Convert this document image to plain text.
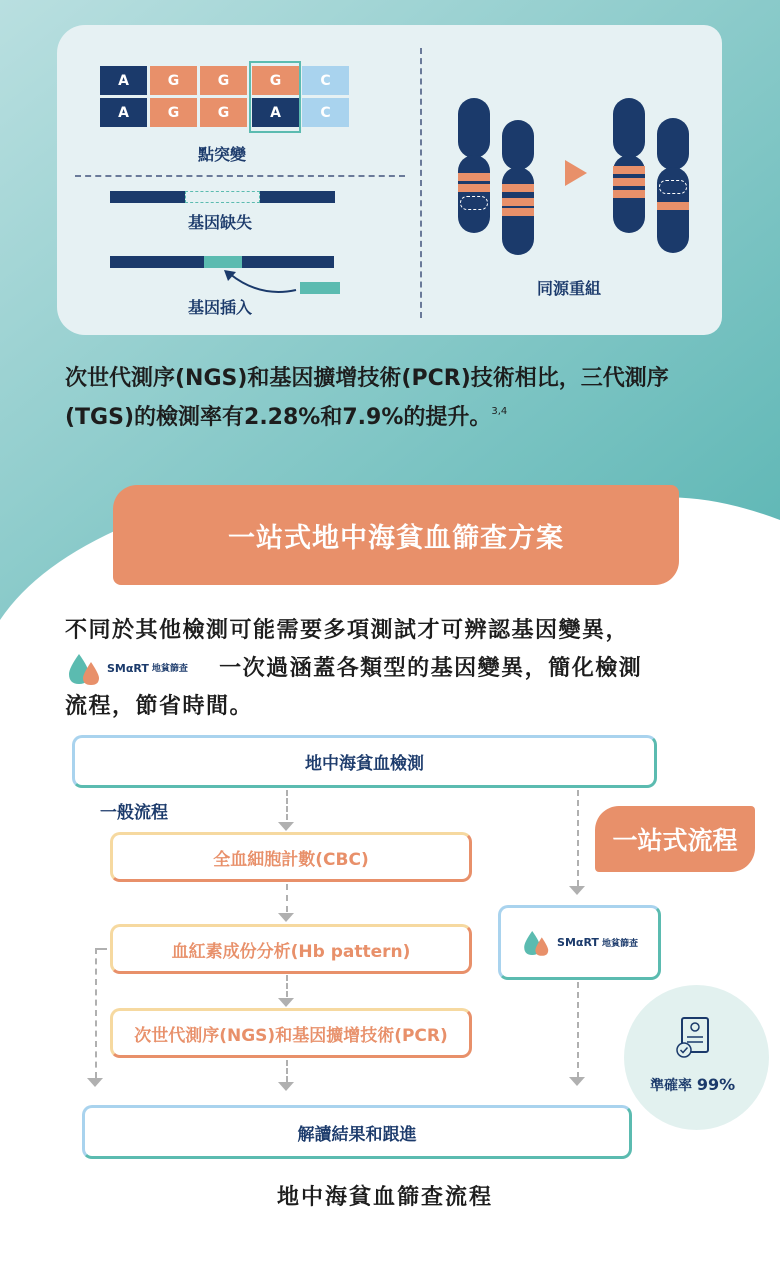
A	G	G	G	C
A	G	G	A	C
點突變
基因缺失
基因插入
同源重組
次世代測序(NGS)和基因擴增技術(PCR)技術相比，三代測序(TGS)的檢測率有2.28%和7.9%的提升。$^{3,4}$
一站式地中海貧血篩查方案
不同於其他檢測可能需要多項測試才可辨認基因變異，
SMαRT 地貧篩查 一次過涵蓋各類型的基因變異，簡化檢測
流程，節省時間。
地中海貧血檢測
一般流程
一站式流程
全血細胞計數(CBC)
血紅素成份分析(Hb pattern)
次世代測序(NGS)和基因擴增技術(PCR)
解讀結果和跟進
SMαRT 地貧篩查
準確率 99%
地中海貧血篩查流程
